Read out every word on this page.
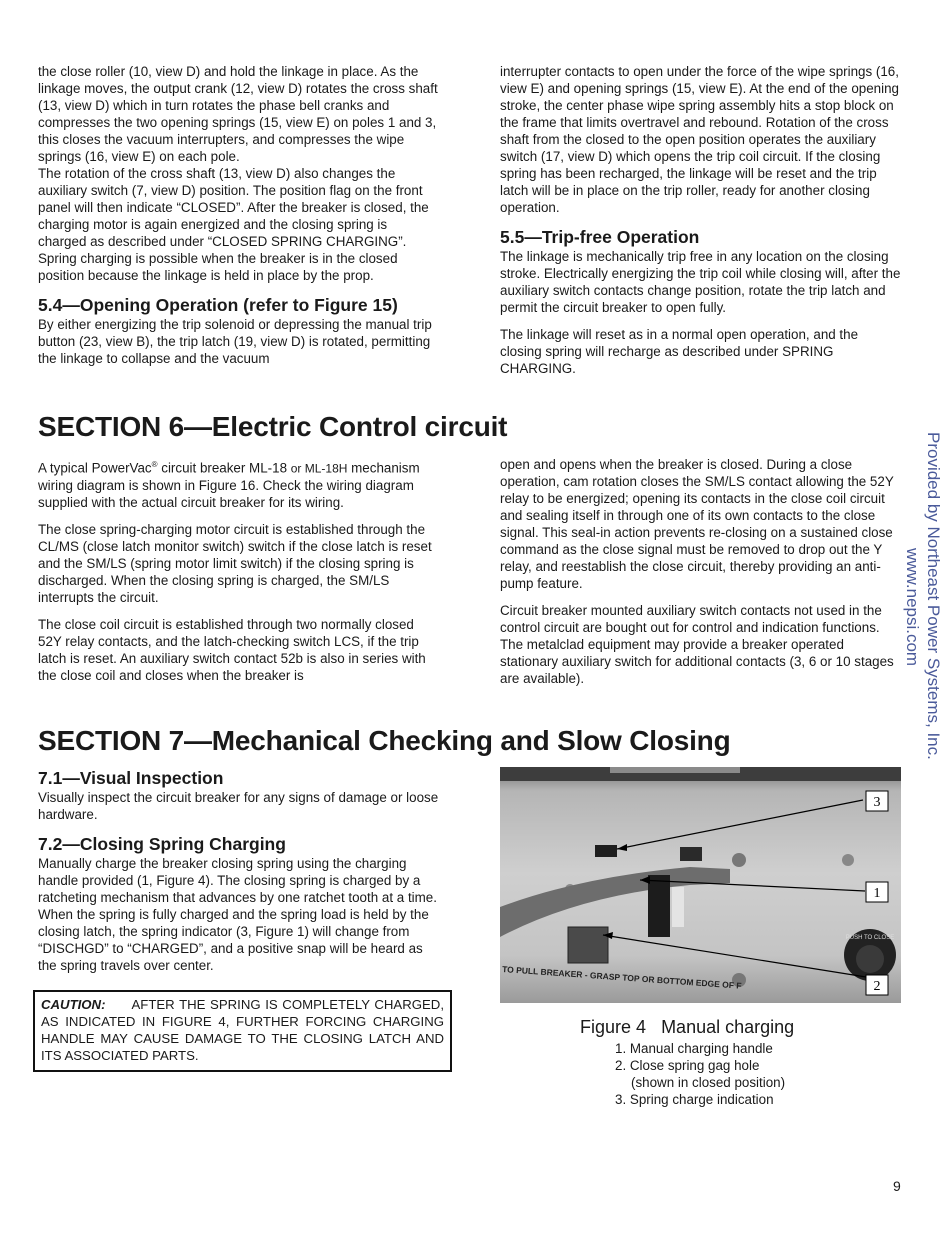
Provided by Northeast Power Systems, Inc.
www.nepsi.com

the close roller (10, view D) and hold the linkage in place. As the linkage moves, the output crank (12, view D) rotates the cross shaft (13, view D) which in turn rotates the phase bell cranks and compresses the two opening springs (15, view E) on poles 1 and 3, this closes the vacuum interrupters, and compresses the wipe springs (16, view E) on each pole.

The rotation of the cross shaft (13, view D) also changes the auxiliary switch (7, view D) position. The position flag on the front panel will then indicate “CLOSED”. After the breaker is closed, the charging motor is again energized and the closing spring is charged as described under “CLOSED SPRING CHARGING”. Spring charging is possible when the breaker is in the closed position because the linkage is held in place by the prop.

5.4—Opening Operation (refer to Figure 15)

By either energizing the trip solenoid or depressing the manual trip button (23, view B), the trip latch (19, view D) is rotated, permitting the linkage to collapse and the vacuum

interrupter contacts to open under the force of the wipe springs (16, view E) and opening springs (15, view E). At the end of the opening stroke, the center phase wipe spring assembly hits a stop block on the frame that limits overtravel and rebound. Rotation of the cross shaft from the closed to the open position operates the auxiliary switch (17, view D) which opens the trip coil circuit. If the closing spring has been recharged, the linkage will be reset and the trip latch will be in place on the trip roller, ready for another closing operation.

5.5—Trip-free Operation

The linkage is mechanically trip free in any location on the closing stroke. Electrically energizing the trip coil while closing will, after the auxiliary switch contacts change position, rotate the trip latch and permit the circuit breaker to open fully.

The linkage will reset as in a normal open operation, and the closing spring will recharge as described under SPRING CHARGING.

SECTION 6—Electric Control circuit

A typical PowerVac® circuit breaker ML-18 or ML-18H mechanism wiring diagram is shown in Figure 16. Check the wiring diagram supplied with the actual circuit breaker for its wiring.

The close spring-charging motor circuit is established through the CL/MS (close latch monitor switch) switch if the close latch is reset and the SM/LS (spring motor limit switch) if the closing spring is discharged. When the closing spring is charged, the SM/LS interrupts the circuit.

The close coil circuit is established through two normally closed 52Y relay contacts, and the latch-checking switch LCS, if the trip latch is reset. An auxiliary switch contact 52b is also in series with the close coil and closes when the breaker is

open and opens when the breaker is closed. During a close operation, cam rotation closes the SM/LS contact allowing the 52Y relay to be energized; opening its contacts in the close coil circuit and sealing itself in through one of its own contacts to the close signal. This seal-in action prevents re-closing on a sustained close command as the close signal must be removed to drop out the Y relay, and reestablish the close circuit, thereby providing an anti-pump feature.

Circuit breaker mounted auxiliary switch contacts not used in the control circuit are bought out for control and indication functions. The metalclad equipment may provide a breaker operated stationary auxiliary switch for additional contacts (3, 6 or 10 stages are available).

SECTION 7—Mechanical Checking and Slow Closing
7.1—Visual Inspection

Visually inspect the circuit breaker for any signs of damage or loose hardware.

7.2—Closing Spring Charging

Manually charge the breaker closing spring using the charging handle provided (1, Figure 4). The closing spring is charged by a ratcheting mechanism that advances by one ratchet tooth at a time. When the spring is fully charged and the spring load is held by the closing latch, the spring indicator (3, Figure 1) will change from “DISCHGD” to “CHARGED”, and a positive snap will be heard as the spring travels over center.

CAUTION: AFTER THE SPRING IS COMPLETELY CHARGED, AS INDICATED IN FIGURE 4, FURTHER FORCING CHARGING HANDLE MAY CAUSE DAMAGE TO THE CLOSING LATCH AND ITS ASSOCIATED PARTS.
PUSH TO CLOSE
TO PULL BREAKER - GRASP TOP OR BOTTOM EDGE OF F
3
1
2
Figure 4 Manual charging
1. Manual charging handle
2. Close spring gag hole
(shown in closed position)
3. Spring charge indication
9
